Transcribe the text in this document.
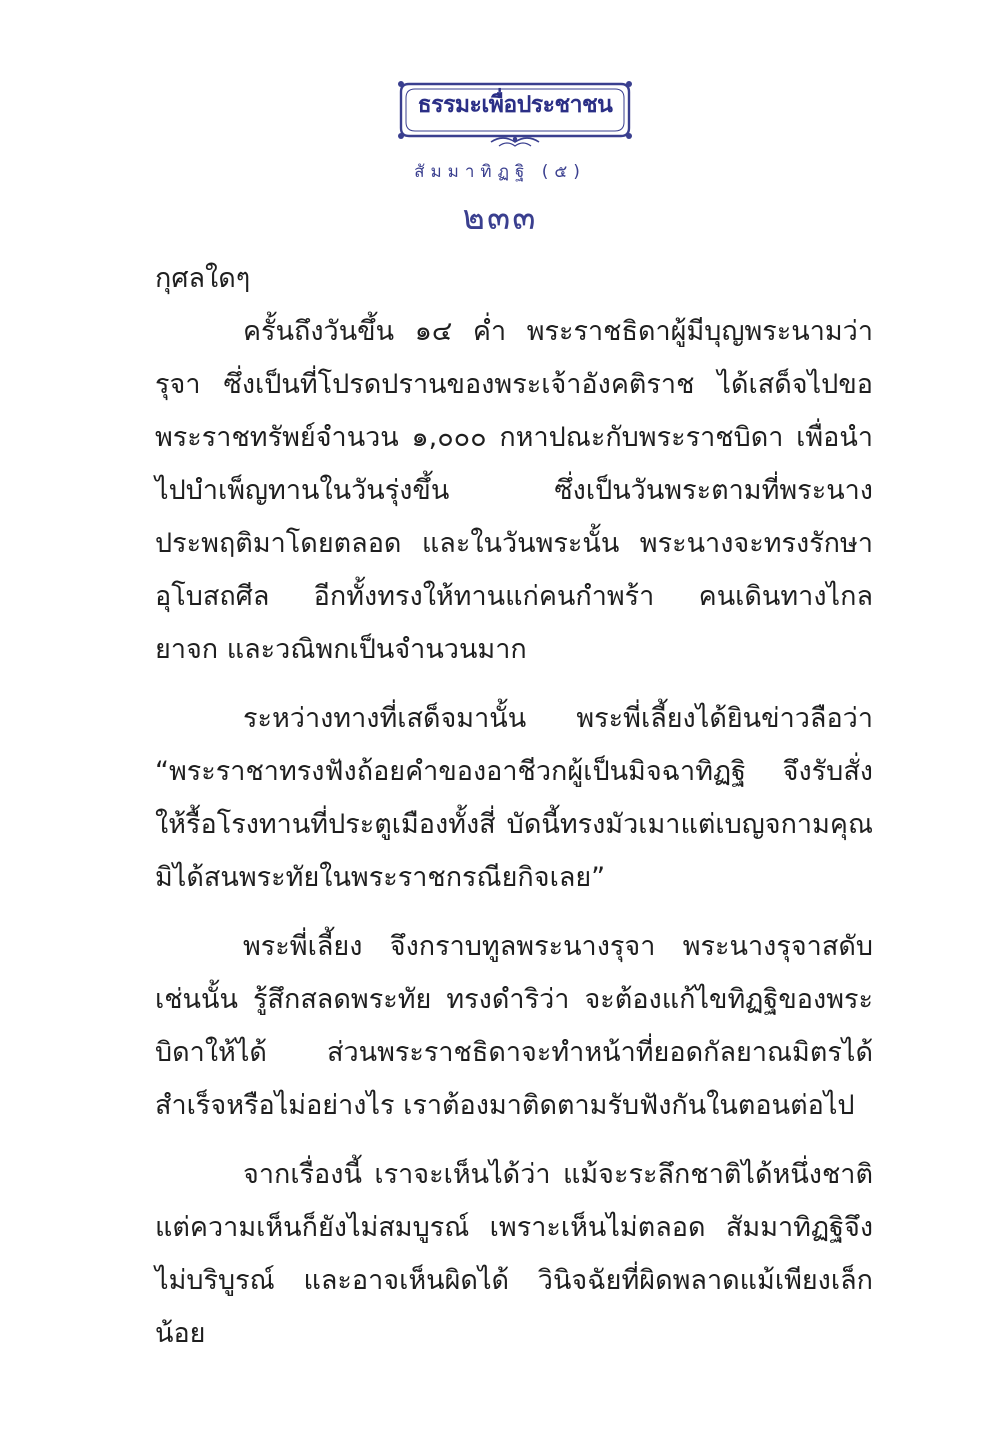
ธรรมะเพื่อประชาชน
สัมมาทิฏฐิ (๕)
๒๓๓

กุศลใดๆ

ครั้นถึงวันขึ้น ๑๔ ค่ำ พระราชธิดาผู้มีบุญพระนามว่า รุจา ซึ่งเป็นที่โปรดปรานของพระเจ้าอังคติราช ได้เสด็จไปขอพระราชทรัพย์จำนวน ๑,๐๐๐ กหาปณะกับพระราชบิดา เพื่อนำไปบำเพ็ญทานในวันรุ่งขึ้น ซึ่งเป็นวันพระตามที่พระนางประพฤติมาโดยตลอด และในวันพระนั้น พระนางจะทรงรักษาอุโบสถศีล อีกทั้งทรงให้ทานแก่คนกำพร้า คนเดินทางไกล ยาจก และวณิพกเป็นจำนวนมาก

ระหว่างทางที่เสด็จมานั้น พระพี่เลี้ยงได้ยินข่าวลือว่า “พระราชาทรงฟังถ้อยคำของอาชีวกผู้เป็นมิจฉาทิฏฐิ จึงรับสั่งให้รื้อโรงทานที่ประตูเมืองทั้งสี่ บัดนี้ทรงมัวเมาแต่เบญจกามคุณ มิได้สนพระทัยในพระราชกรณียกิจเลย”

พระพี่เลี้ยง จึงกราบทูลพระนางรุจา พระนางรุจาสดับเช่นนั้น รู้สึกสลดพระทัย ทรงดำริว่า จะต้องแก้ไขทิฏฐิของพระบิดาให้ได้ ส่วนพระราชธิดาจะทำหน้าที่ยอดกัลยาณมิตรได้สำเร็จหรือไม่อย่างไร เราต้องมาติดตามรับฟังกันในตอนต่อไป

จากเรื่องนี้ เราจะเห็นได้ว่า แม้จะระลึกชาติได้หนึ่งชาติ แต่ความเห็นก็ยังไม่สมบูรณ์ เพราะเห็นไม่ตลอด สัมมาทิฏฐิจึงไม่บริบูรณ์ และอาจเห็นผิดได้ วินิจฉัยที่ผิดพลาดแม้เพียงเล็กน้อย
